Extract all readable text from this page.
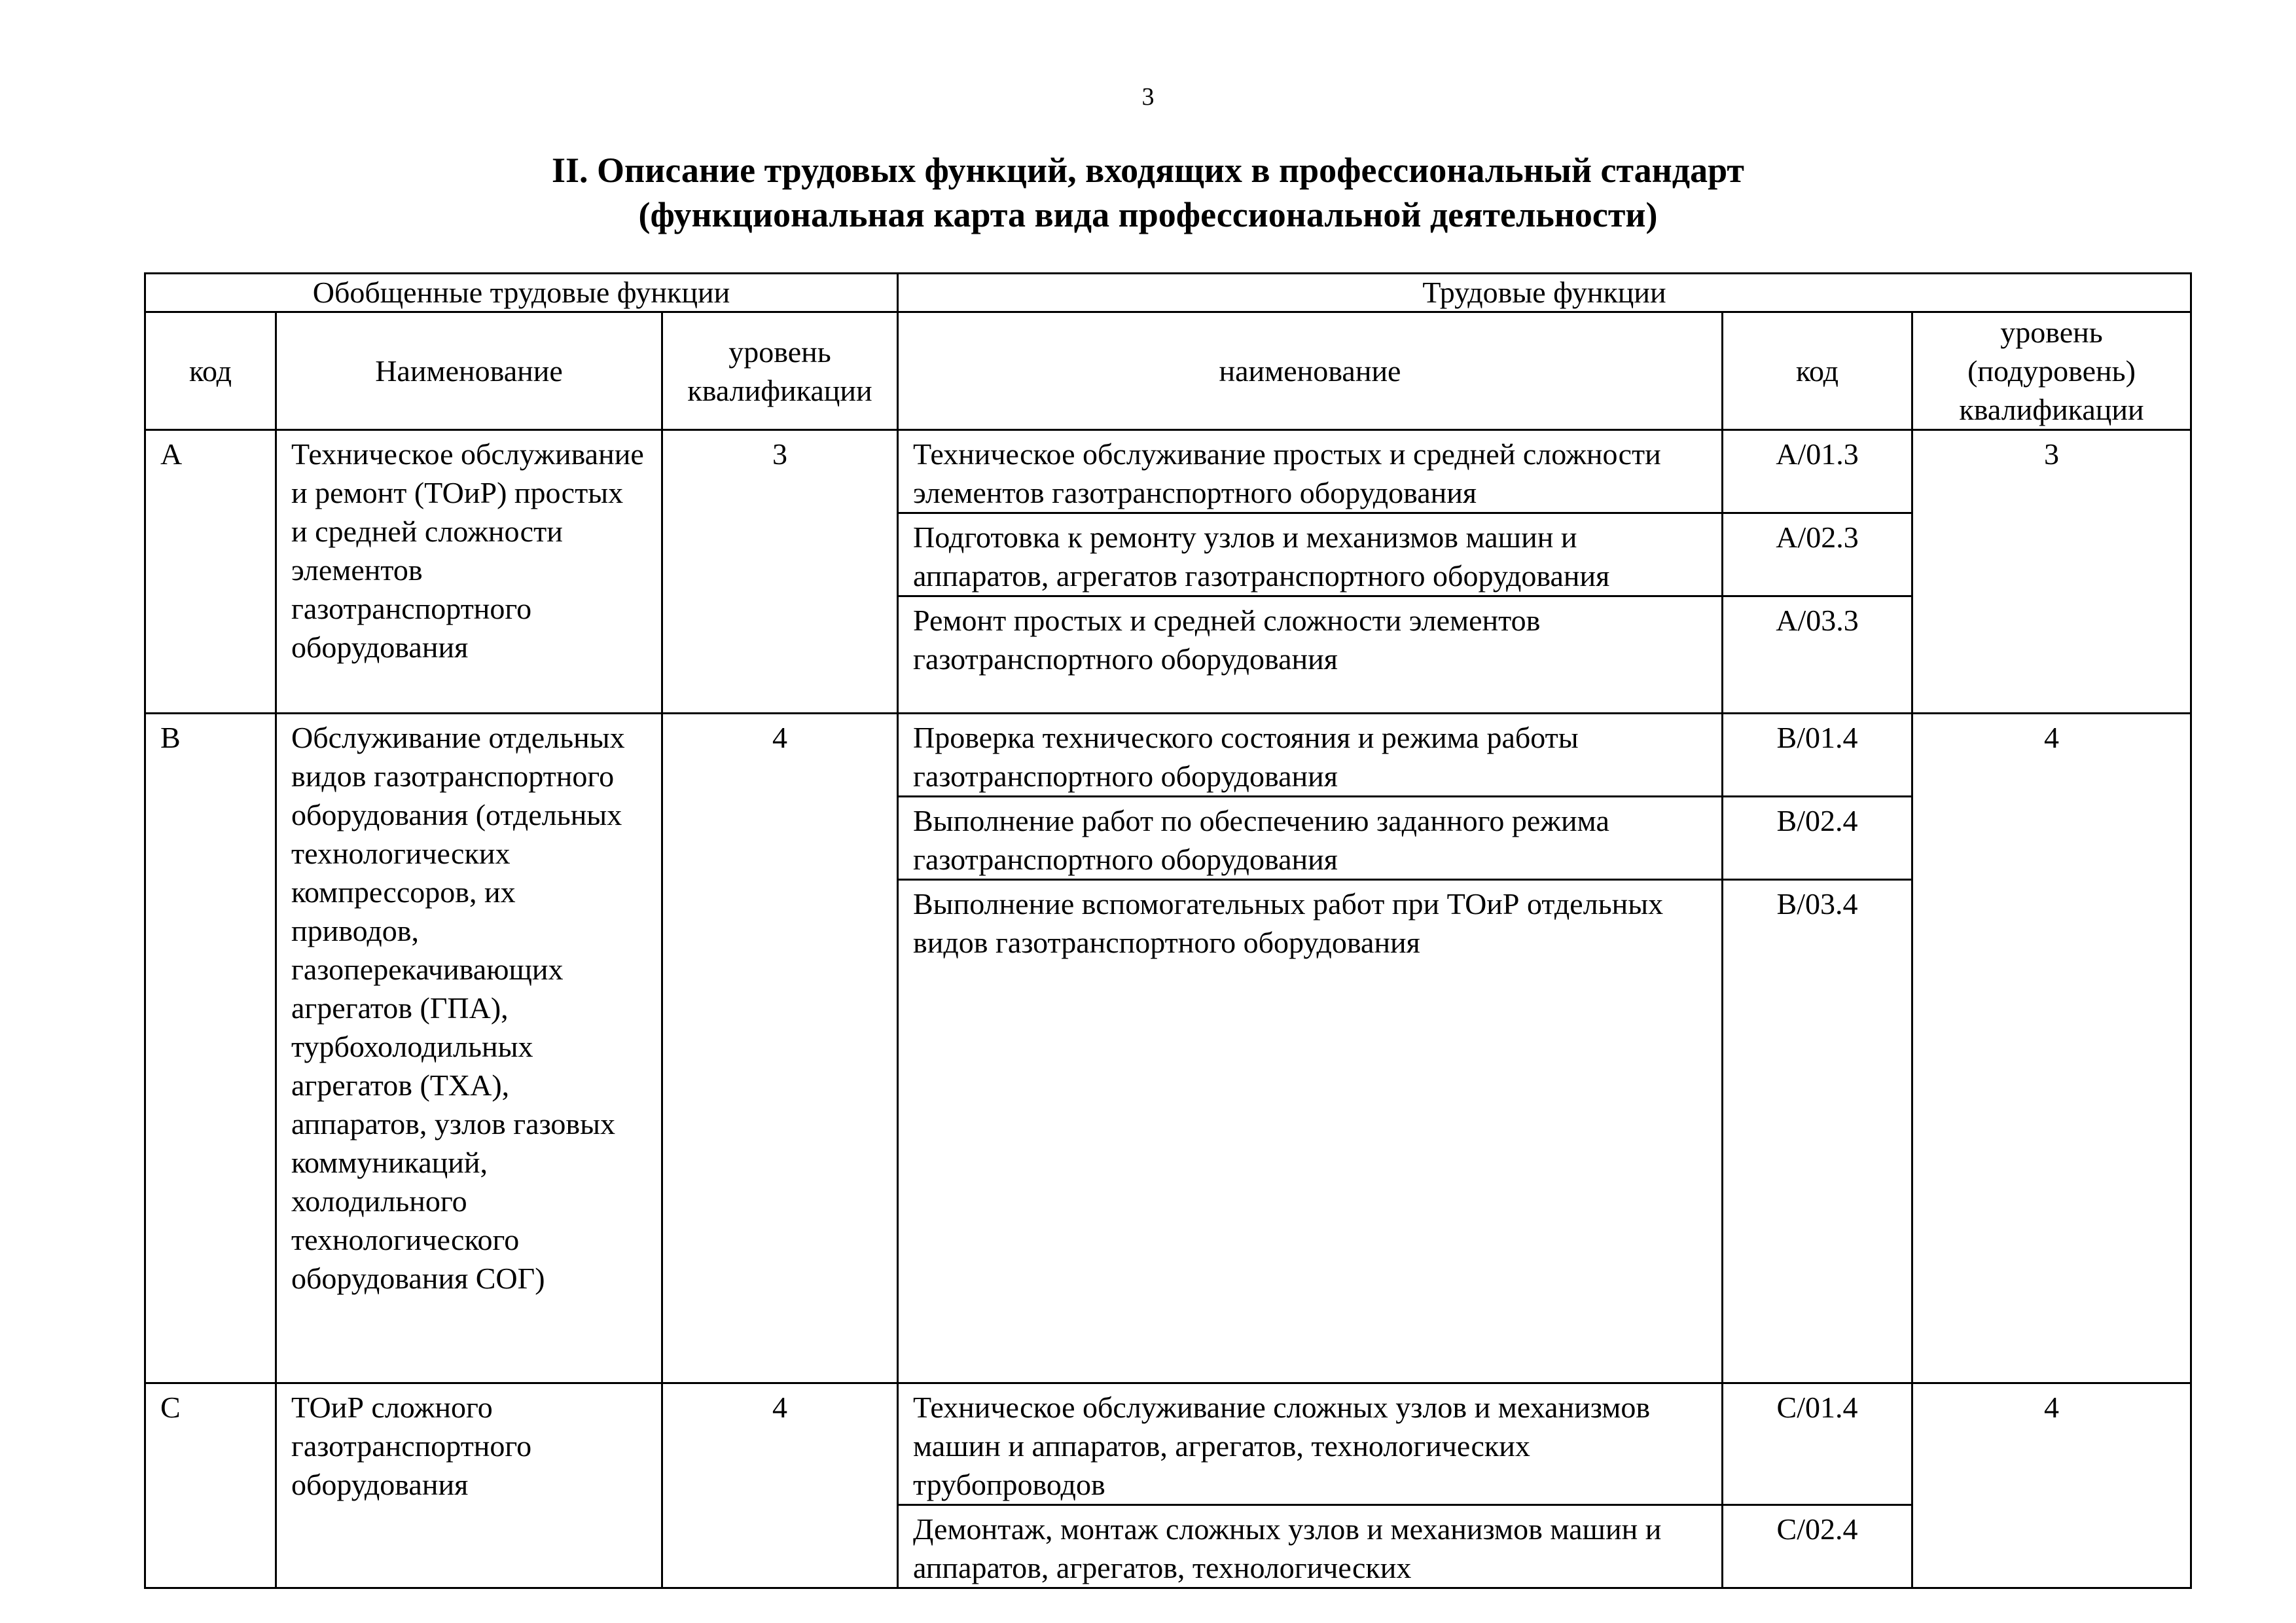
3
II. Описание трудовых функций, входящих в профессиональный стандарт
(функциональная карта вида профессиональной деятельности)
Обобщенные трудовые функции			Трудовые функции		
код	Наименование	уровень квалификации	наименование	код	уровень (подуровень) квалификации
A	Техническое обслуживание и ремонт (ТОиР) простых и средней сложности элементов газотранспортного оборудования	3	Техническое обслуживание простых и средней сложности элементов газотранспортного оборудования	A/01.3	3
			Подготовка к ремонту узлов и механизмов машин и аппаратов, агрегатов газотранспортного оборудования	A/02.3	
			Ремонт простых и средней сложности элементов газотранспортного оборудования	A/03.3	
B	Обслуживание отдельных видов газотранспортного оборудования (отдельных технологических компрессоров, их приводов, газоперекачивающих агрегатов (ГПА), турбохолодильных агрегатов (ТХА), аппаратов, узлов газовых коммуникаций, холодильного технологического оборудования СОГ)	4	Проверка технического состояния и режима работы газотранспортного оборудования	B/01.4	4
			Выполнение работ по обеспечению заданного режима газотранспортного оборудования	B/02.4	
			Выполнение вспомогательных работ при ТОиР отдельных видов газотранспортного оборудования	B/03.4	
C	ТОиР сложного газотранспортного оборудования	4	Техническое обслуживание сложных узлов и механизмов машин и аппаратов, агрегатов, технологических трубопроводов	C/01.4	4
			Демонтаж, монтаж сложных узлов и механизмов машин и аппаратов, агрегатов, технологических	C/02.4	
